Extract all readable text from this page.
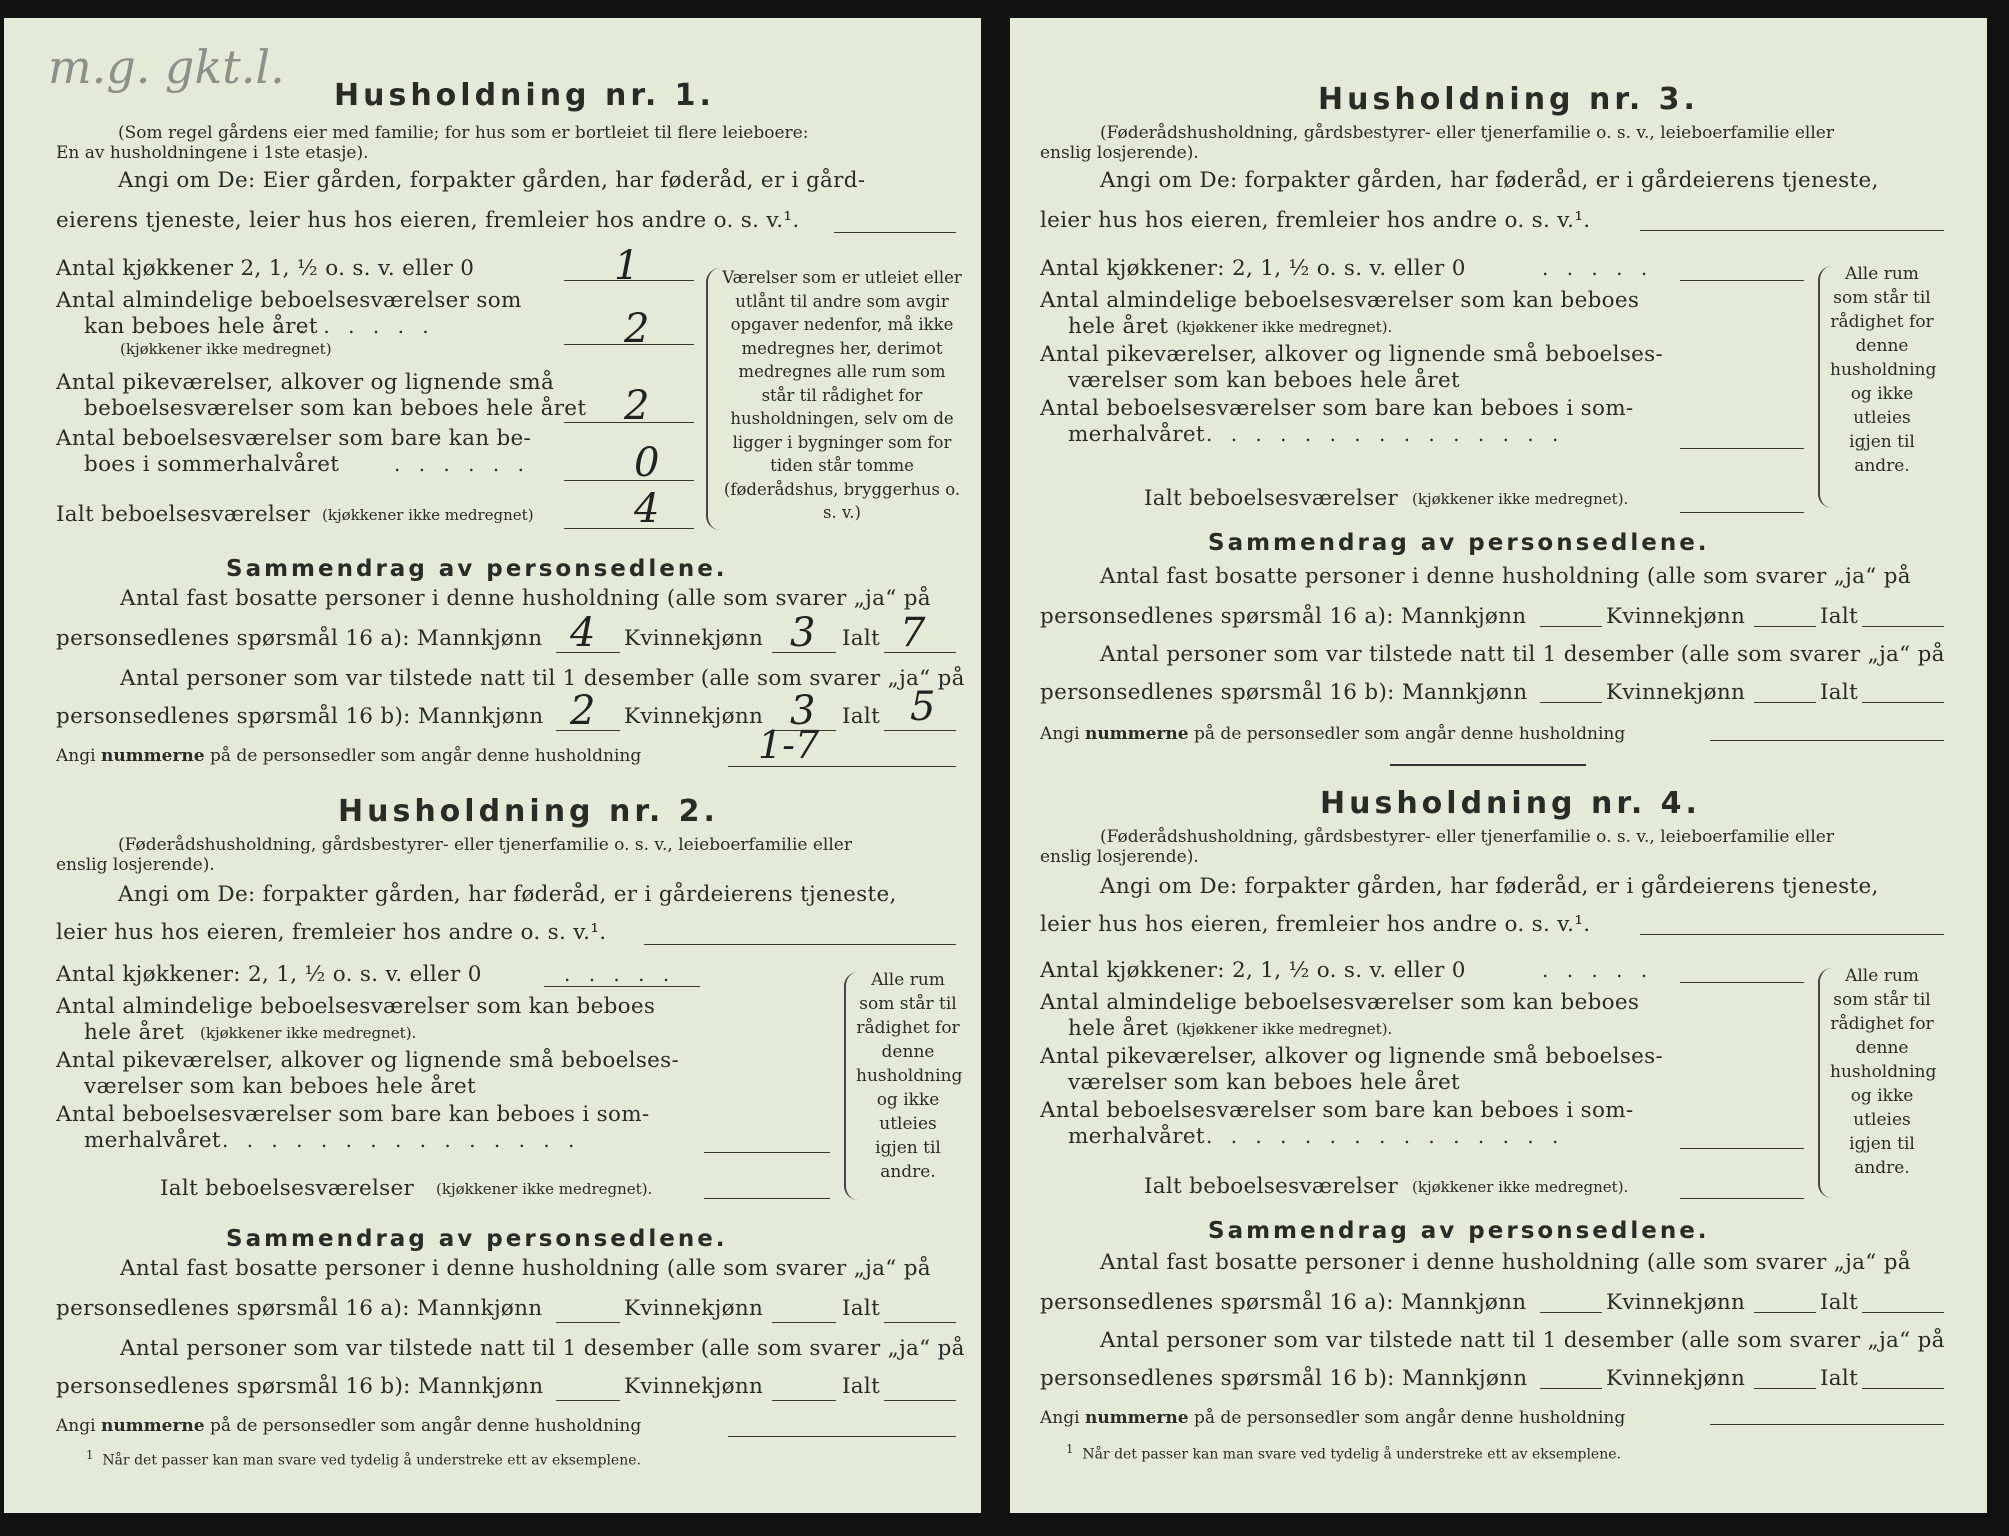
m.g. gkt.l.
Husholdning nr. 1.
(Som regel gårdens eier med familie; for hus som er bortleiet til flere leieboere:
En av husholdningene i 1ste etasje).
Angi om De: Eier gården, forpakter gården, har føderåd, er i gård-
eierens tjeneste, leier hus hos eieren, fremleier hos andre o. s. v.¹.
Antal kjøkkener 2, 1, ½ o. s. v. eller 0	1
Antal almindelige beboelsesværelser som
kan beboes hele året
. . . . . . .
(kjøkkener ikke medregnet)	2
Antal pikeværelser, alkover og lignende små
beboelsesværelser som kan beboes hele året 2
Antal beboelsesværelser som bare kan be-
boes i sommerhalvåret	. . . . . .	0
Ialt beboelsesværelser (kjøkkener ikke medregnet)	4
Værelser som er utleiet eller utlånt til andre som avgir opgaver nedenfor, må ikke medregnes her, derimot medregnes alle rum som står til rådighet for husholdningen, selv om de ligger i bygninger som for tiden står tomme (føderådshus, bryggerhus o. s. v.)
Sammendrag av personsedlene.
Antal fast bosatte personer i denne husholdning (alle som svarer „ja“ på
personsedlenes spørsmål 16 a): Mannkjønn 4 Kvinnekjønn 3 Ialt 7
Antal personer som var tilstede natt til 1 desember (alle som svarer „ja“ på
personsedlenes spørsmål 16 b): Mannkjønn 2 Kvinnekjønn 3 Ialt 5
Angi nummerne på de personsedler som angår denne husholdning	1-7
Husholdning nr. 2.
(Føderådshusholdning, gårdsbestyrer- eller tjenerfamilie o. s. v., leieboerfamilie eller
enslig losjerende).
Angi om De: forpakter gården, har føderåd, er i gårdeierens tjeneste,
leier hus hos eieren, fremleier hos andre o. s. v.¹.
Antal kjøkkener: 2, 1, ½ o. s. v. eller 0	. . . . .
Antal almindelige beboelsesværelser som kan beboes
hele året (kjøkkener ikke medregnet).
Antal pikeværelser, alkover og lignende små beboelses-
værelser som kan beboes hele året
Antal beboelsesværelser som bare kan beboes i som-
merhalvåret . . . . . . . . . . . . . . .
Ialt beboelsesværelser (kjøkkener ikke medregnet).
Alle rum som står til rådighet for denne husholdning og ikke utleies igjen til andre.
Sammendrag av personsedlene.
Antal fast bosatte personer i denne husholdning (alle som svarer „ja“ på
personsedlenes spørsmål 16 a): Mannkjønn	Kvinnekjønn	Ialt
Antal personer som var tilstede natt til 1 desember (alle som svarer „ja“ på
personsedlenes spørsmål 16 b): Mannkjønn	Kvinnekjønn	Ialt
Angi nummerne på de personsedler som angår denne husholdning
$^1$ Når det passer kan man svare ved tydelig å understreke ett av eksemplene.
Husholdning nr. 3.
(Føderådshusholdning, gårdsbestyrer- eller tjenerfamilie o. s. v., leieboerfamilie eller
enslig losjerende).
Angi om De: forpakter gården, har føderåd, er i gårdeierens tjeneste,
leier hus hos eieren, fremleier hos andre o. s. v.¹.
Antal kjøkkener: 2, 1, ½ o. s. v. eller 0	. . . . .
Antal almindelige beboelsesværelser som kan beboes
hele året (kjøkkener ikke medregnet).
Antal pikeværelser, alkover og lignende små beboelses-
værelser som kan beboes hele året
Antal beboelsesværelser som bare kan beboes i som-
merhalvåret . . . . . . . . . . . . . . .
Ialt beboelsesværelser (kjøkkener ikke medregnet).
Alle rum som står til rådighet for denne husholdning og ikke utleies igjen til andre.
Sammendrag av personsedlene.
Antal fast bosatte personer i denne husholdning (alle som svarer „ja“ på
personsedlenes spørsmål 16 a): Mannkjønn	Kvinnekjønn	Ialt
Antal personer som var tilstede natt til 1 desember (alle som svarer „ja“ på
personsedlenes spørsmål 16 b): Mannkjønn	Kvinnekjønn	Ialt
Angi nummerne på de personsedler som angår denne husholdning
Husholdning nr. 4.
(Føderådshusholdning, gårdsbestyrer- eller tjenerfamilie o. s. v., leieboerfamilie eller
enslig losjerende).
Angi om De: forpakter gården, har føderåd, er i gårdeierens tjeneste,
leier hus hos eieren, fremleier hos andre o. s. v.¹.
Antal kjøkkener: 2, 1, ½ o. s. v. eller 0	. . . . .
Antal almindelige beboelsesværelser som kan beboes
hele året (kjøkkener ikke medregnet).
Antal pikeværelser, alkover og lignende små beboelses-
værelser som kan beboes hele året
Antal beboelsesværelser som bare kan beboes i som-
merhalvåret . . . . . . . . . . . . . . .
Ialt beboelsesværelser (kjøkkener ikke medregnet).
Alle rum som står til rådighet for denne husholdning og ikke utleies igjen til andre.
Sammendrag av personsedlene.
Antal fast bosatte personer i denne husholdning (alle som svarer „ja“ på
personsedlenes spørsmål 16 a): Mannkjønn	Kvinnekjønn	Ialt
Antal personer som var tilstede natt til 1 desember (alle som svarer „ja“ på
personsedlenes spørsmål 16 b): Mannkjønn	Kvinnekjønn	Ialt
Angi nummerne på de personsedler som angår denne husholdning
$^1$ Når det passer kan man svare ved tydelig å understreke ett av eksemplene.
